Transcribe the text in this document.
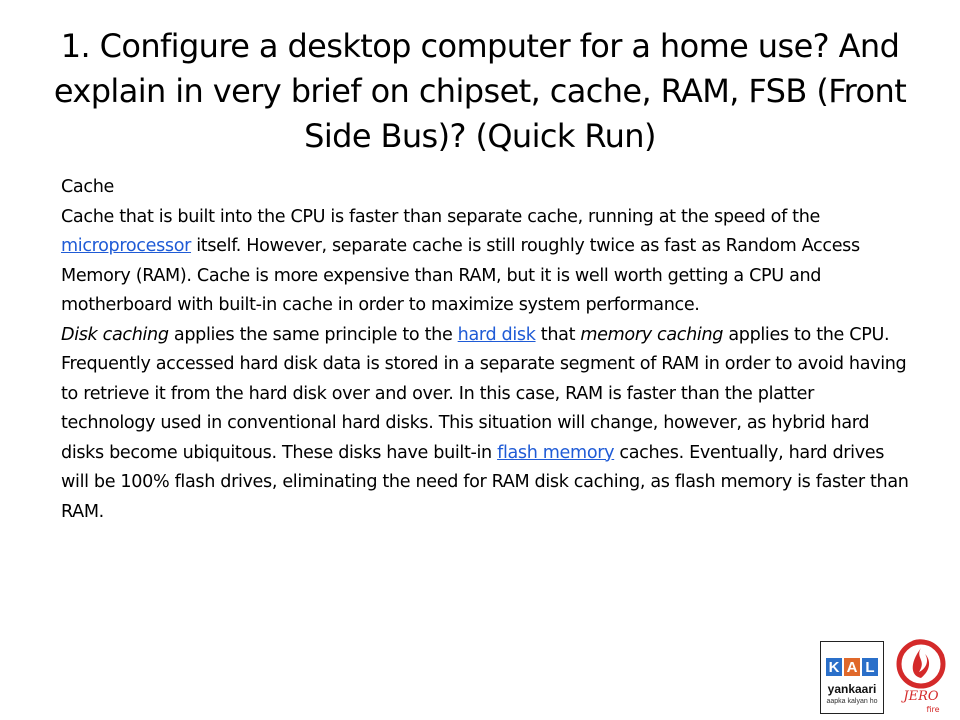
1. Configure a desktop computer for a home use? And explain in very brief on chipset, cache, RAM, FSB (Front Side Bus)? (Quick Run)
Cache
Cache that is built into the CPU is faster than separate cache, running at the speed of the microprocessor itself. However, separate cache is still roughly twice as fast as Random Access Memory (RAM). Cache is more expensive than RAM, but it is well worth getting a CPU and motherboard with built-in cache in order to maximize system performance.
Disk caching applies the same principle to the hard disk that memory caching applies to the CPU. Frequently accessed hard disk data is stored in a separate segment of RAM in order to avoid having to retrieve it from the hard disk over and over. In this case, RAM is faster than the platter technology used in conventional hard disks. This situation will change, however, as hybrid hard disks become ubiquitous. These disks have built-in flash memory caches. Eventually, hard drives will be 100% flash drives, eliminating the need for RAM disk caching, as flash memory is faster than RAM.
K A L
yankaari
aapka kalyan ho JERO
fire
